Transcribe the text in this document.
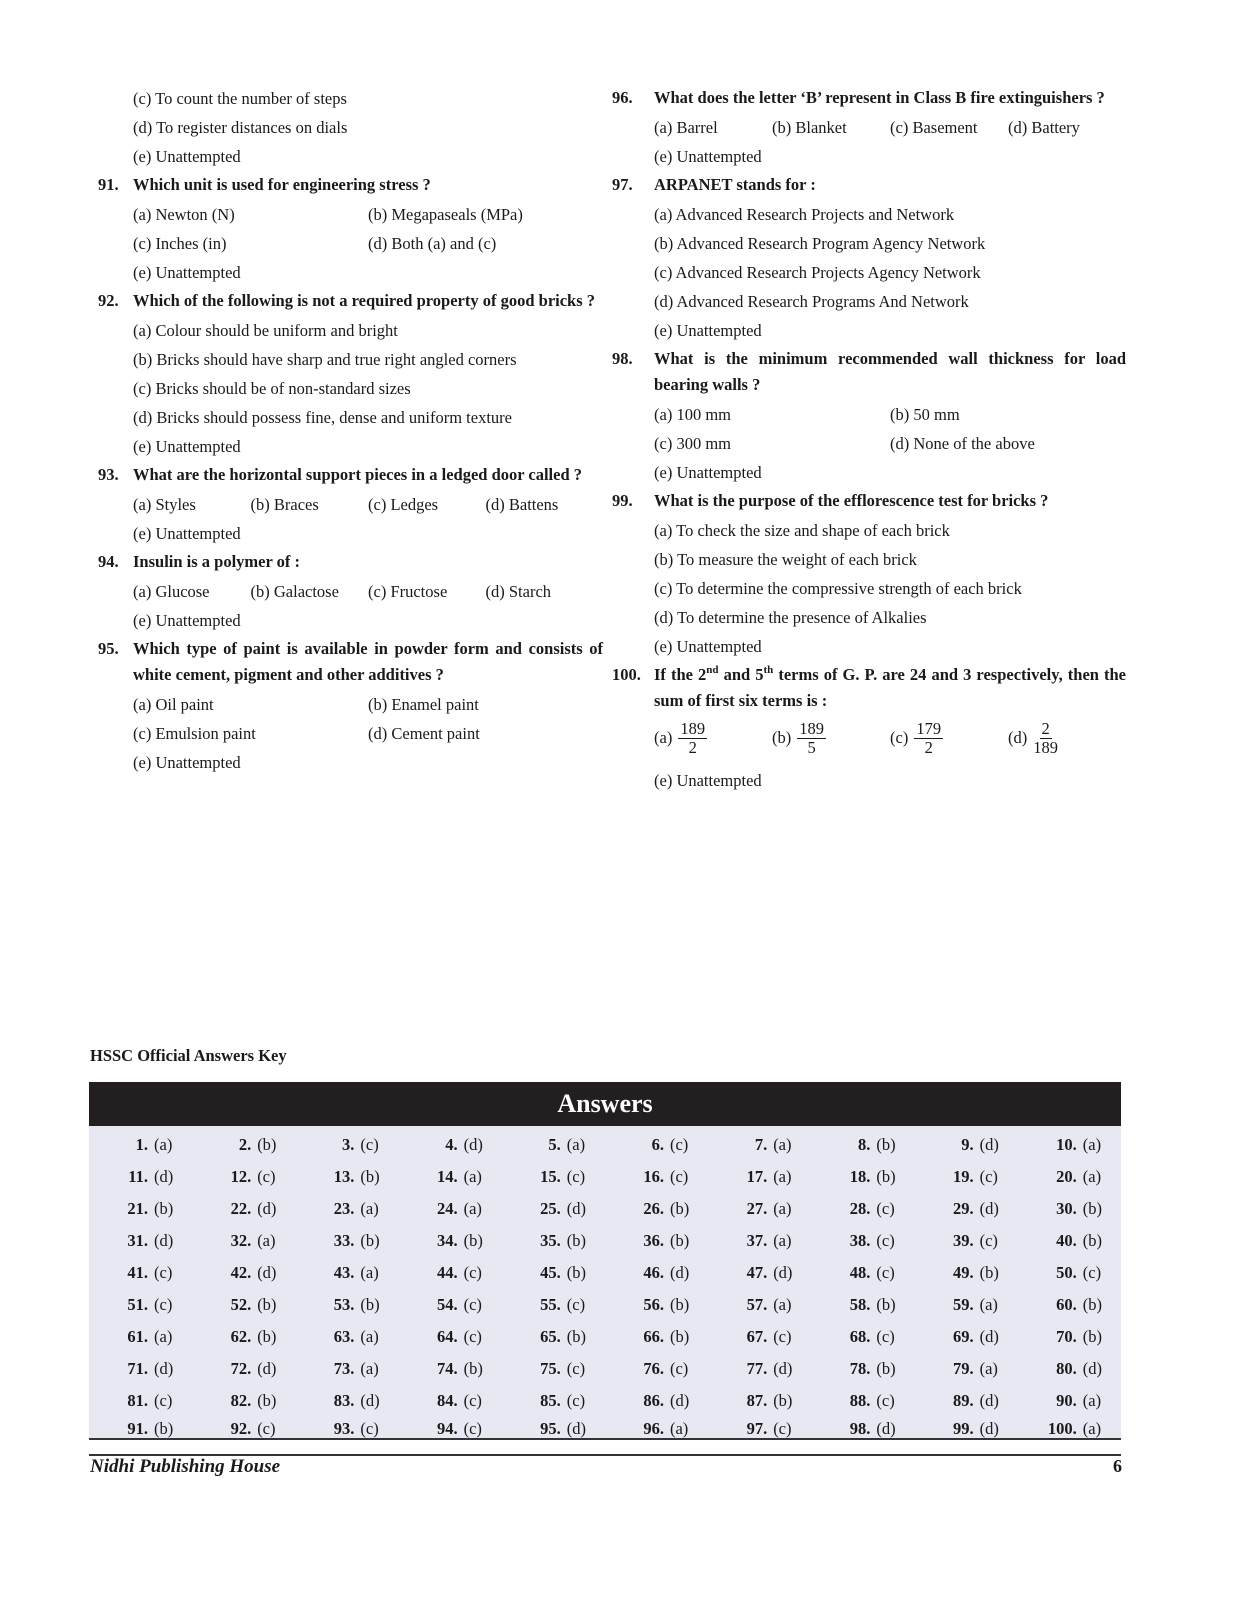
(c) To count the number of steps
(d) To register distances on dials
(e) Unattempted
91. Which unit is used for engineering stress ?
(a) Newton (N)	(b) Megapaseals (MPa)
(c) Inches (in)	(d) Both (a) and (c)
(e) Unattempted
92. Which of the following is not a required property of good bricks ?
(a) Colour should be uniform and bright
(b) Bricks should have sharp and true right angled corners
(c) Bricks should be of non-standard sizes
(d) Bricks should possess fine, dense and uniform texture
(e) Unattempted
93. What are the horizontal support pieces in a ledged door called ?
(a) Styles	(b) Braces	(c) Ledges	(d) Battens
(e) Unattempted
94. Insulin is a polymer of :
(a) Glucose	(b) Galactose	(c) Fructose	(d) Starch
(e) Unattempted
95. Which type of paint is available in powder form and consists of white cement, pigment and other additives ?
(a) Oil paint	(b) Enamel paint
(c) Emulsion paint	(d) Cement paint
(e) Unattempted
96. What does the letter ‘B’ represent in Class B fire extinguishers ?
(a) Barrel	(b) Blanket	(c) Basement	(d) Battery
(e) Unattempted
97. ARPANET stands for :
(a) Advanced Research Projects and Network
(b) Advanced Research Program Agency Network
(c) Advanced Research Projects Agency Network
(d) Advanced Research Programs And Network
(e) Unattempted
98. What is the minimum recommended wall thickness for load bearing walls ?
(a) 100 mm	(b) 50 mm
(c) 300 mm	(d) None of the above
(e) Unattempted
99. What is the purpose of the efflorescence test for bricks ?
(a) To check the size and shape of each brick
(b) To measure the weight of each brick
(c) To determine the compressive strength of each brick
(d) To determine the presence of Alkalies
(e) Unattempted
100. If the 2nd and 5th terms of G. P. are 24 and 3 respectively, then the sum of first six terms is :
$(a) \frac{189}{2}$	$(b) \frac{189}{5}$	$(c) \frac{179}{2}$	$(d) \frac{2}{189}$
(e) Unattempted
HSSC Official Answers Key
Answers
1. (a)	2. (b)	3. (c)	4. (d)	5. (a)	6. (c)	7. (a)	8. (b)	9. (d)	10. (a)
11. (d)	12. (c)	13. (b)	14. (a)	15. (c)	16. (c)	17. (a)	18. (b)	19. (c)	20. (a)
21. (b)	22. (d)	23. (a)	24. (a)	25. (d)	26. (b)	27. (a)	28. (c)	29. (d)	30. (b)
31. (d)	32. (a)	33. (b)	34. (b)	35. (b)	36. (b)	37. (a)	38. (c)	39. (c)	40. (b)
41. (c)	42. (d)	43. (a)	44. (c)	45. (b)	46. (d)	47. (d)	48. (c)	49. (b)	50. (c)
51. (c)	52. (b)	53. (b)	54. (c)	55. (c)	56. (b)	57. (a)	58. (b)	59. (a)	60. (b)
61. (a)	62. (b)	63. (a)	64. (c)	65. (b)	66. (b)	67. (c)	68. (c)	69. (d)	70. (b)
71. (d)	72. (d)	73. (a)	74. (b)	75. (c)	76. (c)	77. (d)	78. (b)	79. (a)	80. (d)
81. (c)	82. (b)	83. (d)	84. (c)	85. (c)	86. (d)	87. (b)	88. (c)	89. (d)	90. (a)
91. (b)	92. (c)	93. (c)	94. (c)	95. (d)	96. (a)	97. (c)	98. (d)	99. (d)	100. (a)
Nidhi Publishing House	6
